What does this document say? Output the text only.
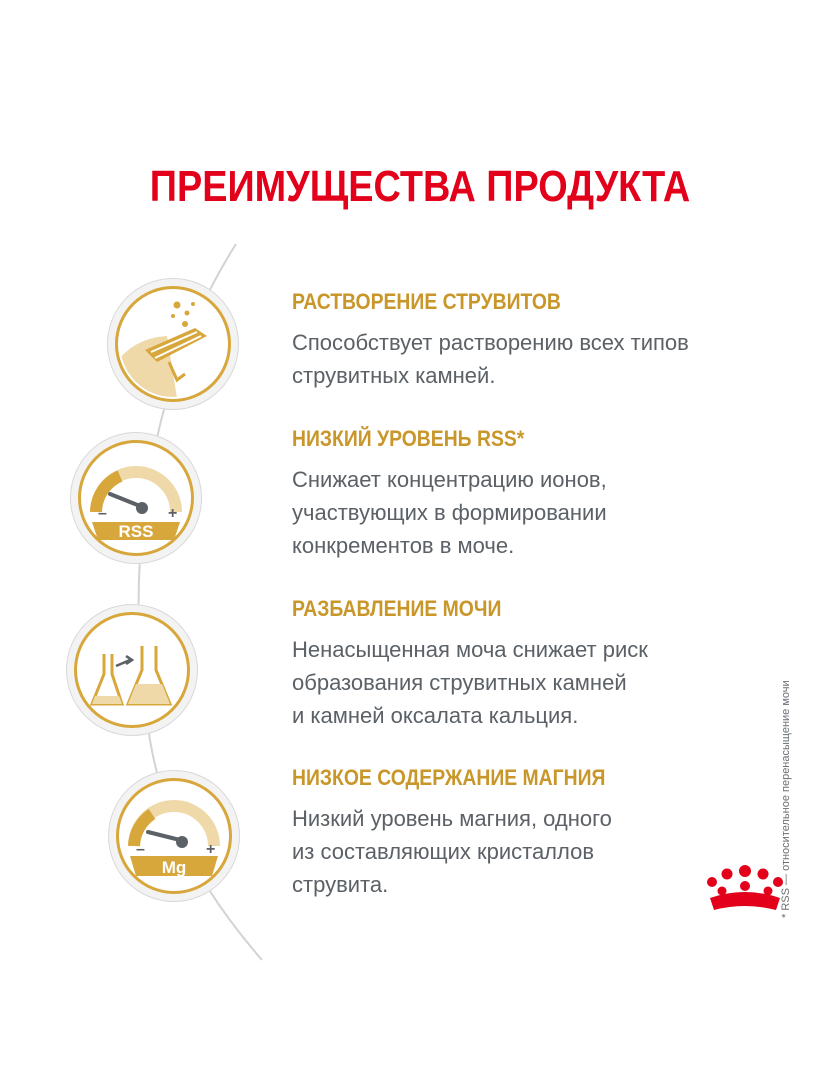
ПРЕИМУЩЕСТВА ПРОДУКТА
РАСТВОРЕНИЕ СТРУВИТОВ
Способствует растворению всех типов
струвитных камней.
RSS
–	+
НИЗКИЙ УРОВЕНЬ RSS*
Снижает концентрацию ионов,
участвующих в формировании
конкрементов в моче.
РАЗБАВЛЕНИЕ МОЧИ
Ненасыщенная моча снижает риск
образования струвитных камней
и камней оксалата кальция.
Mg
–	+
НИЗКОЕ СОДЕРЖАНИЕ МАГНИЯ
Низкий уровень магния, одного
из составляющих кристаллов
струвита.	* RSS — относительное перенасыщение мочи
